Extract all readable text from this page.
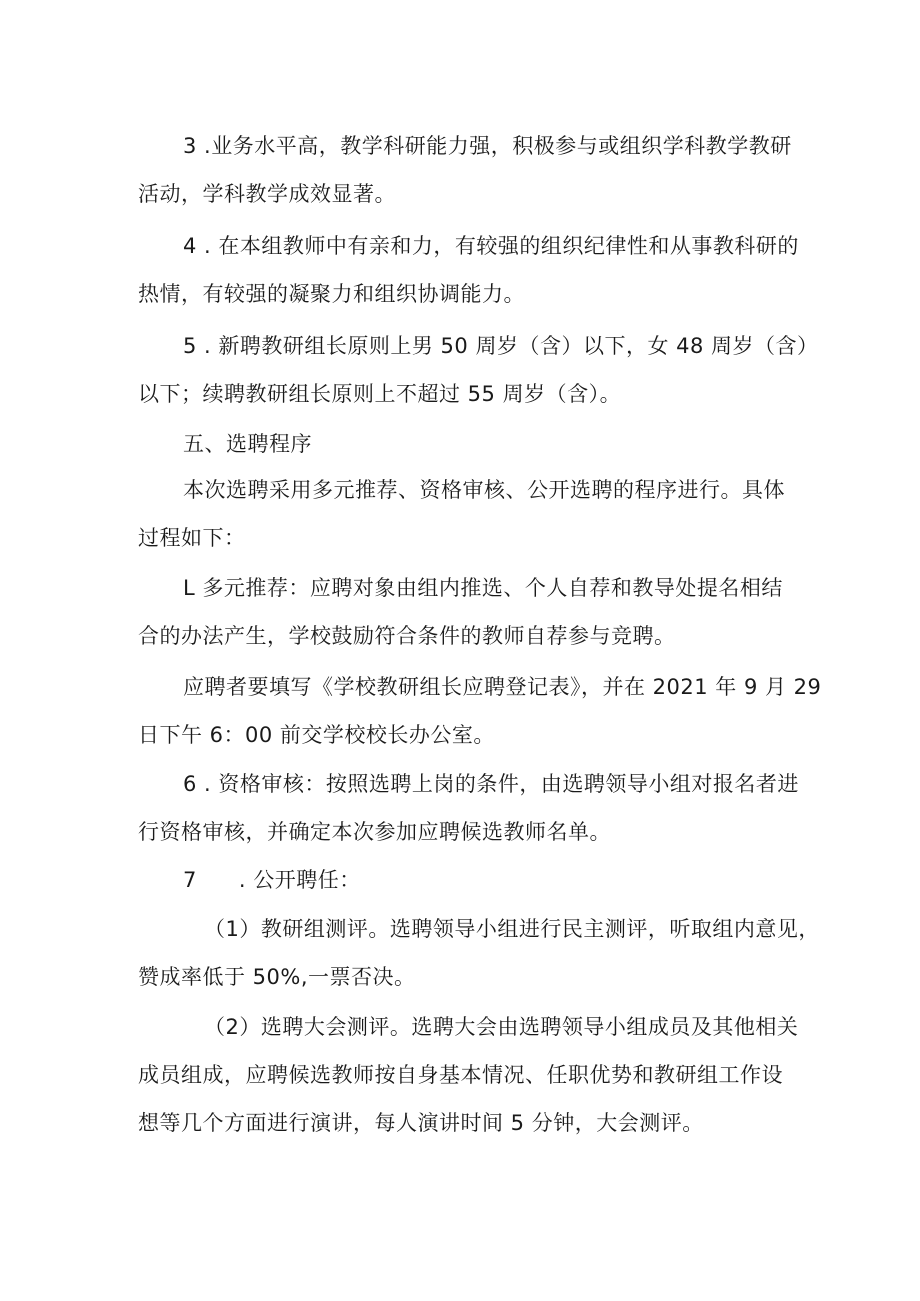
3 .业务水平高，教学科研能力强，积极参与或组织学科教学教研
活动，学科教学成效显著。

4 . 在本组教师中有亲和力，有较强的组织纪律性和从事教科研的
热情，有较强的凝聚力和组织协调能力。

5 . 新聘教研组长原则上男 50 周岁（含）以下，女 48 周岁（含）
以下；续聘教研组长原则上不超过 55 周岁（含）。

五、选聘程序

本次选聘采用多元推荐、资格审核、公开选聘的程序进行。具体
过程如下：

L 多元推荐：应聘对象由组内推选、个人自荐和教导处提名相结
合的办法产生，学校鼓励符合条件的教师自荐参与竞聘。

应聘者要填写《学校教研组长应聘登记表》，并在 2021 年 9 月 29
日下午 6：00 前交学校校长办公室。

6 . 资格审核：按照选聘上岗的条件，由选聘领导小组对报名者进
行资格审核，并确定本次参加应聘候选教师名单。

7 . 公开聘任：

（1）教研组测评。选聘领导小组进行民主测评，听取组内意见，
赞成率低于 50%,一票否决。

（2）选聘大会测评。选聘大会由选聘领导小组成员及其他相关
成员组成，应聘候选教师按自身基本情况、任职优势和教研组工作设
想等几个方面进行演讲，每人演讲时间 5 分钟，大会测评。
